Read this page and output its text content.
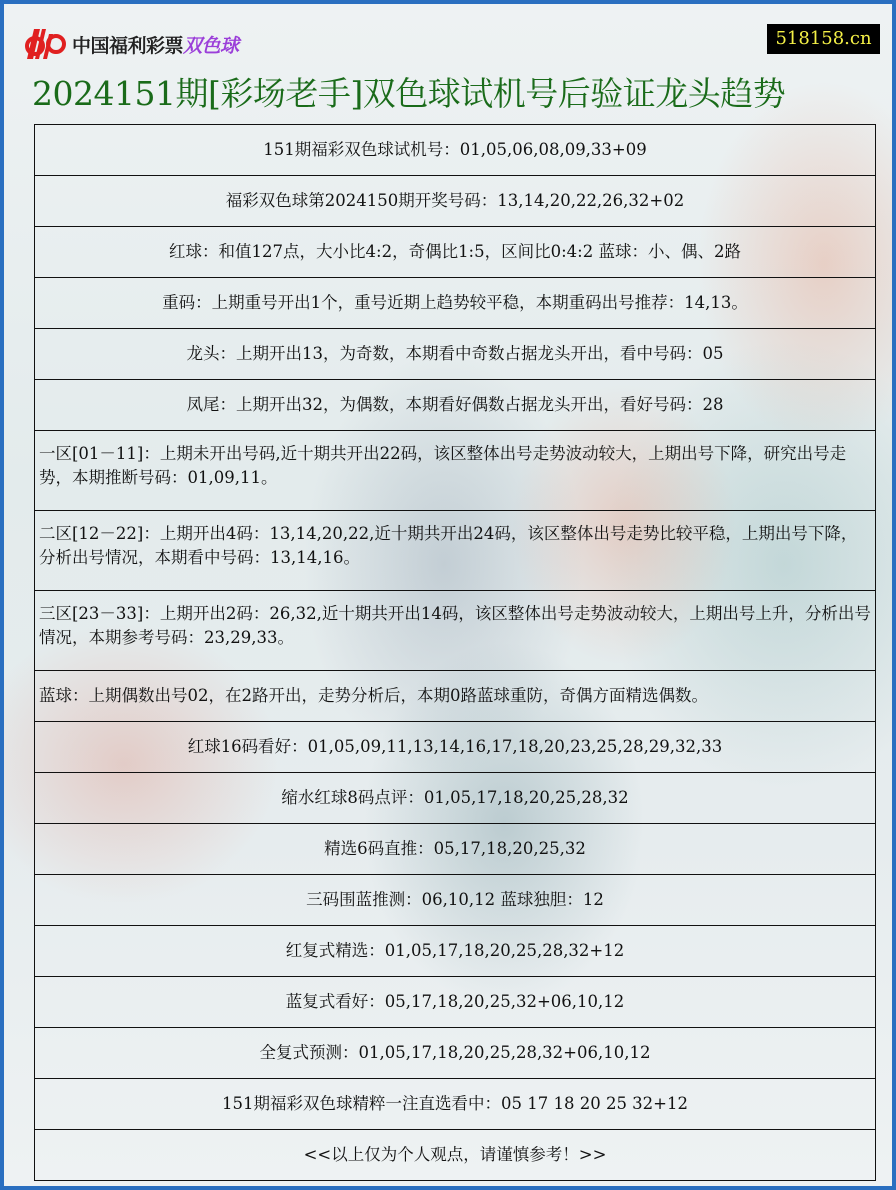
中国福利彩票 双色球	518158.cn
2024151期[彩场老手]双色球试机号后验证龙头趋势
151期福彩双色球试机号：01,05,06,08,09,33+09
福彩双色球第2024150期开奖号码：13,14,20,22,26,32+02
红球：和值127点，大小比4:2，奇偶比1:5，区间比0:4:2 蓝球：小、偶、2路
重码：上期重号开出1个，重号近期上趋势较平稳，本期重码出号推荐：14,13。
龙头：上期开出13，为奇数，本期看中奇数占据龙头开出，看中号码：05
凤尾：上期开出32，为偶数，本期看好偶数占据龙头开出，看好号码：28
一区[01－11]：上期未开出号码,近十期共开出22码，该区整体出号走势波动较大，上期出号下降，研究出号走势，本期推断号码：01,09,11。
二区[12－22]：上期开出4码：13,14,20,22,近十期共开出24码，该区整体出号走势比较平稳，上期出号下降，分析出号情况，本期看中号码：13,14,16。
三区[23－33]：上期开出2码：26,32,近十期共开出14码，该区整体出号走势波动较大，上期出号上升，分析出号情况，本期参考号码：23,29,33。
蓝球：上期偶数出号02，在2路开出，走势分析后，本期0路蓝球重防，奇偶方面精选偶数。
红球16码看好：01,05,09,11,13,14,16,17,18,20,23,25,28,29,32,33
缩水红球8码点评：01,05,17,18,20,25,28,32
精选6码直推：05,17,18,20,25,32
三码围蓝推测：06,10,12 蓝球独胆：12
红复式精选：01,05,17,18,20,25,28,32+12
蓝复式看好：05,17,18,20,25,32+06,10,12
全复式预测：01,05,17,18,20,25,28,32+06,10,12
151期福彩双色球精粹一注直选看中：05 17 18 20 25 32+12
<<以上仅为个人观点，请谨慎参考！>>
